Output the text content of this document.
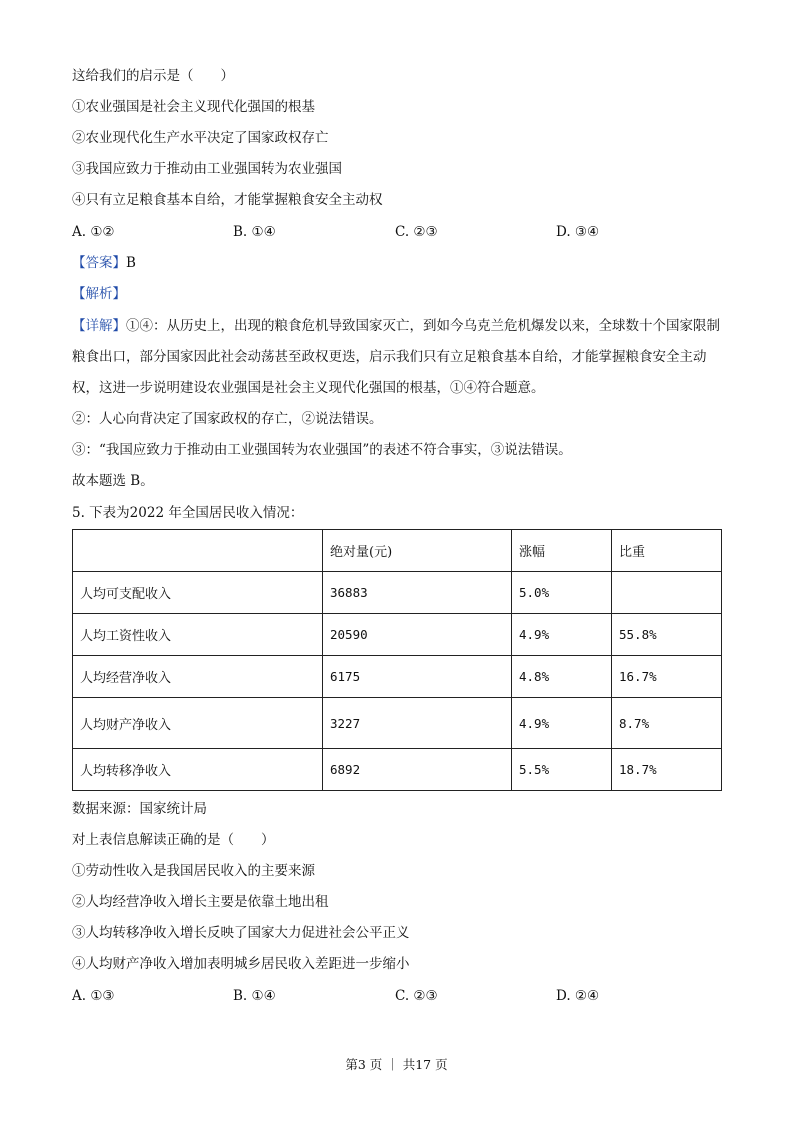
这给我们的启示是（　　）
①农业强国是社会主义现代化强国的根基
②农业现代化生产水平决定了国家政权存亡
③我国应致力于推动由工业强国转为农业强国
④只有立足粮食基本自给，才能掌握粮食安全主动权
A. ①②	B. ①④	C. ②③	D. ③④
【答案】B
【解析】
【详解】①④：从历史上，出现的粮食危机导致国家灭亡，到如今乌克兰危机爆发以来，全球数十个国家限制粮食出口，部分国家因此社会动荡甚至政权更迭，启示我们只有立足粮食基本自给，才能掌握粮食安全主动权，这进一步说明建设农业强国是社会主义现代化强国的根基，①④符合题意。
②：人心向背决定了国家政权的存亡，②说法错误。
③：“我国应致力于推动由工业强国转为农业强国”的表述不符合事实，③说法错误。
故本题选 B。
5. 下表为2022 年全国居民收入情况：
	绝对量(元)	涨幅	比重
人均可支配收入	36883	5.0%	
人均工资性收入	20590	4.9%	55.8%
人均经营净收入	6175	4.8%	16.7%
人均财产净收入	3227	4.9%	8.7%
人均转移净收入	6892	5.5%	18.7%
数据来源：国家统计局
对上表信息解读正确的是（　　）
①劳动性收入是我国居民收入的主要来源
②人均经营净收入增长主要是依靠土地出租
③人均转移净收入增长反映了国家大力促进社会公平正义
④人均财产净收入增加表明城乡居民收入差距进一步缩小
A. ①③	B. ①④	C. ②③	D. ②④
第3 页 ｜ 共17 页
